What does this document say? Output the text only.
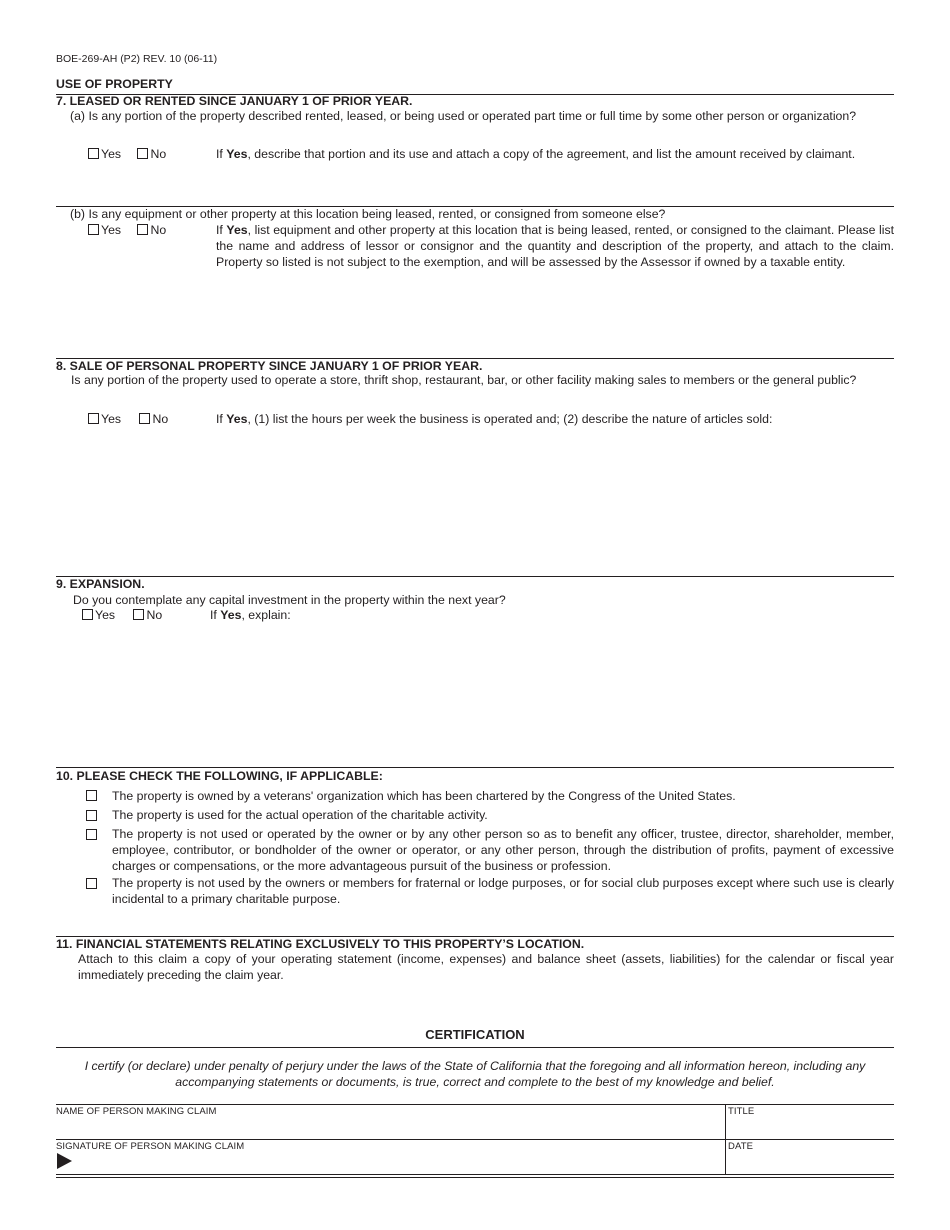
BOE-269-AH (P2) REV. 10 (06-11)
USE OF PROPERTY
7. LEASED OR RENTED SINCE JANUARY 1 OF PRIOR YEAR.
(a) Is any portion of the property described rented, leased, or being used or operated part time or full time by some other person or organization?
Yes No	If Yes, describe that portion and its use and attach a copy of the agreement, and list the amount received by claimant.
(b) Is any equipment or other property at this location being leased, rented, or consigned from someone else?
Yes No	If Yes, list equipment and other property at this location that is being leased, rented, or consigned to the claimant. Please list the name and address of lessor or consignor and the quantity and description of the property, and attach to the claim. Property so listed is not subject to the exemption, and will be assessed by the Assessor if owned by a taxable entity.
8. SALE OF PERSONAL PROPERTY SINCE JANUARY 1 OF PRIOR YEAR.
Is any portion of the property used to operate a store, thrift shop, restaurant, bar, or other facility making sales to members or the general public?
Yes	No	If Yes, (1) list the hours per week the business is operated and; (2) describe the nature of articles sold:
9. EXPANSION.
Do you contemplate any capital investment in the property within the next year?
Yes	No	If Yes, explain:
10. PLEASE CHECK THE FOLLOWING, IF APPLICABLE:
The property is owned by a veterans' organization which has been chartered by the Congress of the United States.
The property is used for the actual operation of the charitable activity.
The property is not used or operated by the owner or by any other person so as to benefit any officer, trustee, director, shareholder, member, employee, contributor, or bondholder of the owner or operator, or any other person, through the distribution of profits, payment of excessive charges or compensations, or the more advantageous pursuit of the business or profession.
The property is not used by the owners or members for fraternal or lodge purposes, or for social club purposes except where such use is clearly incidental to a primary charitable purpose.
11. FINANCIAL STATEMENTS RELATING EXCLUSIVELY TO THIS PROPERTY’S LOCATION.
Attach to this claim a copy of your operating statement (income, expenses) and balance sheet (assets, liabilities) for the calendar or fiscal year immediately preceding the claim year.
CERTIFICATION
I certify (or declare) under penalty of perjury under the laws of the State of California that the foregoing and all information hereon, including any accompanying statements or documents, is true, correct and complete to the best of my knowledge and belief.
NAME OF PERSON MAKING CLAIM	TITLE
SIGNATURE OF PERSON MAKING CLAIM	DATE
